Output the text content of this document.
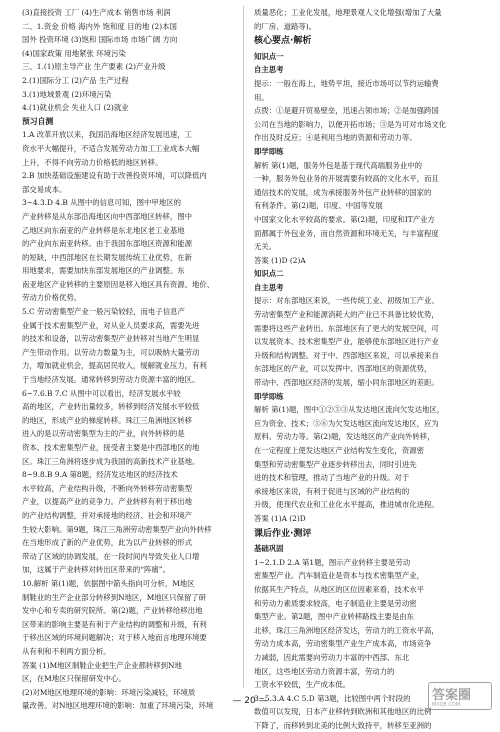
(3)直接投资 工厂 (4)生产成本 销售市场 利润
二、1.资金 价格 海内外 饱和度 目的地 (2)本国
国外 投资环境 (3)饱和 国际市场 市场广阔 方向
(4)国家政策 用地紧张 环境污染
三、1.(1)原主导产业 生产要素 (2)产业升级
2.(1)国际分工 (2)产品 生产过程
3.(1)地域景观 (2)环境污染
4.(1)就业机会 失业人口 (2)就业
预习自测
1.A 改革开放以来，我国沿海地区经济发展迅速，工
资水平大幅提升，不适合发展劳动力加工工业成本大幅
上升，不得不向劳动力价格低的地区转移。
2.B 加快基础设施建设有助于改善投资环境，可以降低内
部交易成本。
3~4.3.D 4.B 从图中的信息可知，图中甲地区的
产业转移是从东部沿海地区向中西部地区转移，图中
乙地区向东南亚的产业转移是东北地区老工业基地
的产业向东南亚转移。由于我国东部地区资源和能源
的短缺，中西部地区在长期发展传统工业优势，在新
用地要求，需要加快东部发展地区的产业调整。东
南亚地区产业转移的主要原因是移入地区具有资源、地价、
劳动力价格优势。
5.C 劳动密集型产业一般污染较轻，而电子信息产
业属于技术密集型产业，对从业人员要求高，需要先进
的技术和设备，以劳动密集型产业转移对当地产生明显
产生带动作用。以劳动力数量为主，可以吸纳大量劳动
力，增加就业机会，提高居民收入，缓解就业压力，有利
于当地经济发展。通常转移到劳动力资源丰富的地区。
6~7.6.B 7.C 从图中可以看出，经济发展水平较
高的地区，产业转出量较多，转移到经济发展水平较低
的地区，形成产业的梯度转移。珠江三角洲地区转移
进入的是以劳动密集型为主的产业，向外转移的是
资本、技术密集型产业，接受者主要是中西部地区的地
区。珠江三角洲将逐步成为我国的高新技术产业基地。
8~9.8.B 9.A 第8题，经济发达地区的经济技术
水平较高，产业结构升级，不断向外转移劳动密集型
产业，以提高产业的竞争力。产业转移有利于移出地
的产业结构调整，并对承接地的经济、社会和环境产
生较大影响。第9题，珠江三角洲劳动密集型产业向外转移
在当地形成了新的产业优势，此为以产业转移的形式
带动了区域的协调发展，在一段时间内导致失业人口增
加，这属于产业转移对转出区带来的“阵痛”。
10.解析 第(1)题，依据图中箭头指向可分析，M地区
制鞋业的生产企业部分转移到N地区，M地区只保留了研
发中心和专卖的研究院所。第(2)题，产业转移给移出地
区带来的影响主要是有利于产业结构的调整和升级，有利
于移出区域的环境问题解决；对于移入地而言地理环境要
从有利和不利两方面分析。
答案 (1)M地区制鞋企业把生产企业都转移到N地
区，在M地区只保留研发中心。
(2)对M地区地理环境的影响：环境污染减轻，环境质
量改善。对N地区地理环境的影响：加重了环境污染，环境
质量恶化；工业化发展，地理景观人文化增强(增加了大量
的厂房、道路等)。
核心要点·解析
知识点一
自主思考
提示：一般在海上，地势平坦，接近市场可以节约运输费
用。
点拨：①是避开贸易壁垒，迅速占领市场；②是加强跨国
公司在当地的影响力，以便开拓市场；③是为可对市场文化
作出及时反应；④是利用当地的资源和劳动力等。
即学即练
解析 第(1)题，服务外包是基于现代高端服务业中的
一种，服务外包业务的开展需要有较高的文化水平，而且
通信技术的发展，成为承接服务外包产业转移的国家的
有利条件。第(2)题，印度、中国等发展
中国家文化水平较高的要求。第(2)题，印度和IT产业方
面都属于外包业务，而自然资源和环境无关，与丰富程度
无关。
答案 (1)D (2)A
知识点二
自主思考
提示：对东部地区来说，一些传统工业、初级加工产业、
劳动密集型产业和能源消耗大的产业已不具备比较优势，
需要将这些产业转出。东部地区有了更大的发展空间，可
以发展资本、技术密集型产业，能够使东部地区进行产业
升级和结构调整。对于中、西部地区来说，可以承接来自
东部地区的产业，可以发挥中、西部地区的资源优势，
带动中、西部地区经济的发展，缩小同东部地区的差距。
即学即练
解析 第(1)题，图中①②③③从发达地区流向欠发达地区，
应为资金、技术；⑤⑥为欠发达地区流向发达地区，应为
原料、劳动力等。第(2)题，发达地区的产业向外转移，
在一定程度上使发达地区产业结构发生变化，资源密
集型和劳动密集型产业逐步转移出去，同时引进先
进的技术和管理，推动了当地产业的升级。对于
承接地区来说，有利于促进与区域的产业结构的
升级，使现代农业和工业化水平提高，推进城市化进程。
答案 (1)A (2)D
课后作业·测评
基础巩固
1~2.1.D 2.A 第1题，图示产业转移主要是劳动
密集型产业。汽车制造业是资本与技术密集型产业，
依据其生产特点，从地区的区位因素来看，技术水平
和劳动力素质要求较高，电子制造业主要是劳动密
集型产业。第2题，图中产业转移路线主要是由东
北移，珠江三角洲地区经济发达，劳动力的工资水平高，
劳动力成本高，劳动密集型产业生产成本高，市场竞争
力减弱，因此需要向劳动力丰富的中西部、东北
地区，这些地区劳动力资源丰富，劳动力的
工资水平较低，生产成本低。
3~5.3.A 4.C 5.D 第3题，比较图中两个时段的
数值可以发现，日本产业移转到欧洲和其他地区的比例
下降了，而移转到北美的比例大致持平，转移至亚洲的
— 20 —	答案圈
MXQE.COM
